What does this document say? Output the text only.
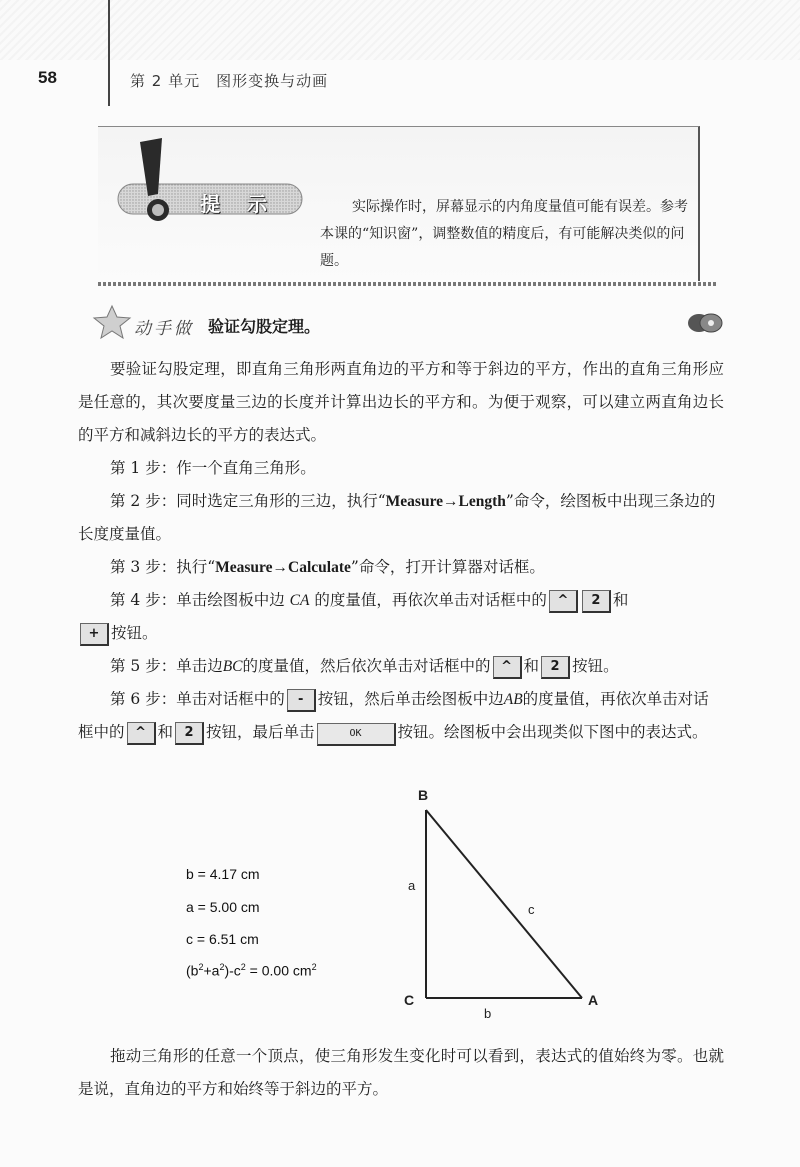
58	第 2 单元　图形变换与动画
提 示	实际操作时，屏幕显示的内角度量值可能有误差。参考本课的“知识窗”，调整数值的精度后，有可能解决类似的问题。
动手做 验证勾股定理。
要验证勾股定理，即直角三角形两直角边的平方和等于斜边的平方，作出的直角三角形应是任意的，其次要度量三边的长度并计算出边长的平方和。为便于观察，可以建立两直角边长的平方和减斜边长的平方的表达式。
第 1 步：作一个直角三角形。
第 2 步：同时选定三角形的三边，执行“Measure→Length”命令，绘图板中出现三条边的长度度量值。
第 3 步：执行“Measure→Calculate”命令，打开计算器对话框。
第 4 步：单击绘图板中边 CA 的度量值，再依次单击对话框中的 ^ 2 和
+ 按钮。
第 5 步：单击边BC的度量值，然后依次单击对话框中的 ^ 和 2 按钮。
第 6 步：单击对话框中的 - 按钮，然后单击绘图板中边AB的度量值，再依次单击对话框中的 ^ 和 2 按钮，最后单击	OK 按钮。绘图板中会出现类似下图中的表达式。
b = 4.17 cm
a = 5.00 cm
c = 6.51 cm
$(b^2+a^2)-c^2 = 0.00$ $cm^2$
B
C	A
a
b
c
拖动三角形的任意一个顶点，使三角形发生变化时可以看到，表达式的值始终为零。也就是说，直角边的平方和始终等于斜边的平方。
